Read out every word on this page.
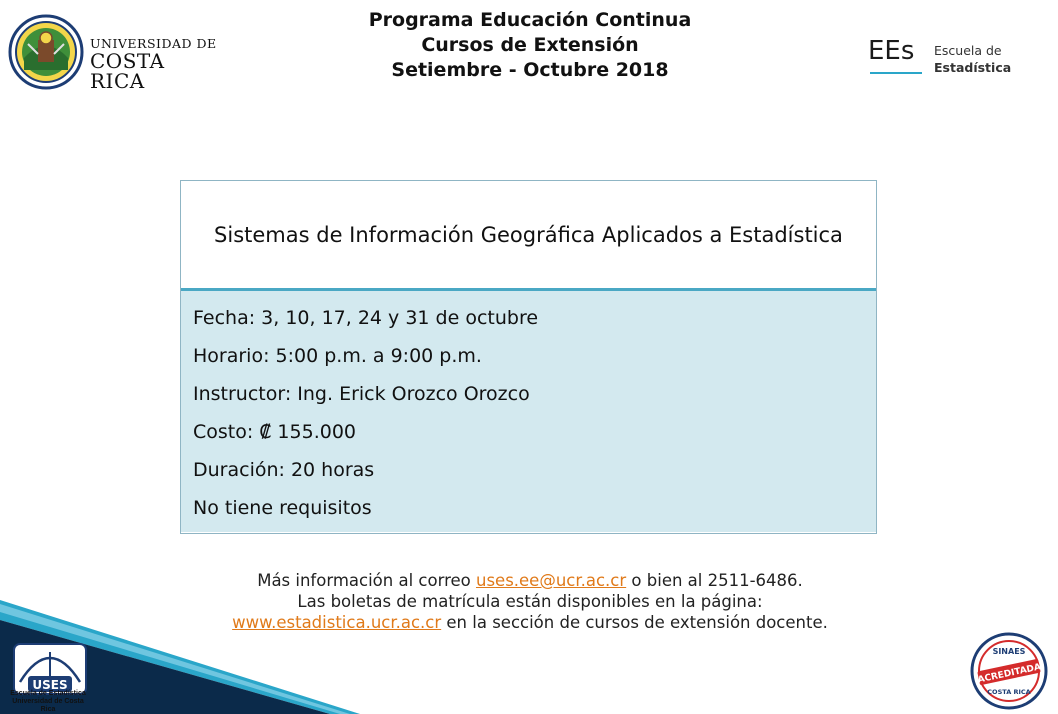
Programa Educación Continua
Cursos de Extensión
Setiembre - Octubre 2018
UNIVERSIDAD DE
COSTA RICA
EEs Escuela de
Estadística
Sistemas de Información Geográfica Aplicados a Estadística
Fecha: 3, 10, 17, 24 y 31 de octubre
Horario: 5:00 p.m. a 9:00 p.m.
Instructor: Ing. Erick Orozco Orozco
Costo: ₡ 155.000
Duración: 20 horas
No tiene requisitos
Más información al correo uses.ee@ucr.ac.cr o bien al 2511-6486.
Las boletas de matrícula están disponibles en la página:
www.estadistica.ucr.ac.cr en la sección de cursos de extensión docente.
USES
Escuela de Estadística
Universidad de Costa Rica
SINAES
ACREDITADA
COSTA RICA
